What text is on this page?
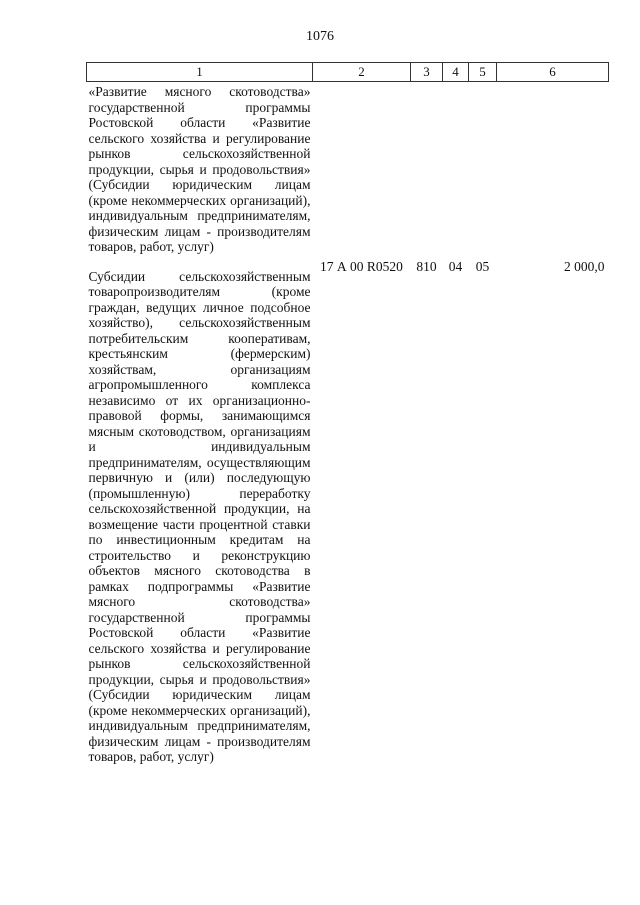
1076
1	2	3	4	5	6
«Развитие мясного скотоводства» государственной программы Ростовской области «Развитие сельского хозяйства и регулирование рынков сельскохозяйственной продукции, сырья и продовольствия» (Субсидии юридическим лицам (кроме некоммерческих организаций), индивидуальным предпринимателям, физическим лицам - производителям товаров, работ, услуг)					
Субсидии сельскохозяйственным товаропроизводителям (кроме граждан, ведущих личное подсобное хозяйство), сельскохозяйственным потребительским кооперативам, крестьянским (фермерским) хозяйствам, организациям агропромышленного комплекса независимо от их организационно-правовой формы, занимающимся мясным скотоводством, организациям и индивидуальным предпринимателям, осуществляющим первичную и (или) последующую (промышленную) переработку сельскохозяйственной продукции, на возмещение части процентной ставки по инвестиционным кредитам на строительство и реконструкцию объектов мясного скотоводства в рамках подпрограммы «Развитие мясного скотоводства» государственной программы Ростовской области «Развитие сельского хозяйства и регулирование рынков сельскохозяйственной продукции, сырья и продовольствия» (Субсидии юридическим лицам (кроме некоммерческих организаций), индивидуальным предпринимателям, физическим лицам - производителям товаров, работ, услуг)	17 А 00 R0520	810	04	05	2 000,0
